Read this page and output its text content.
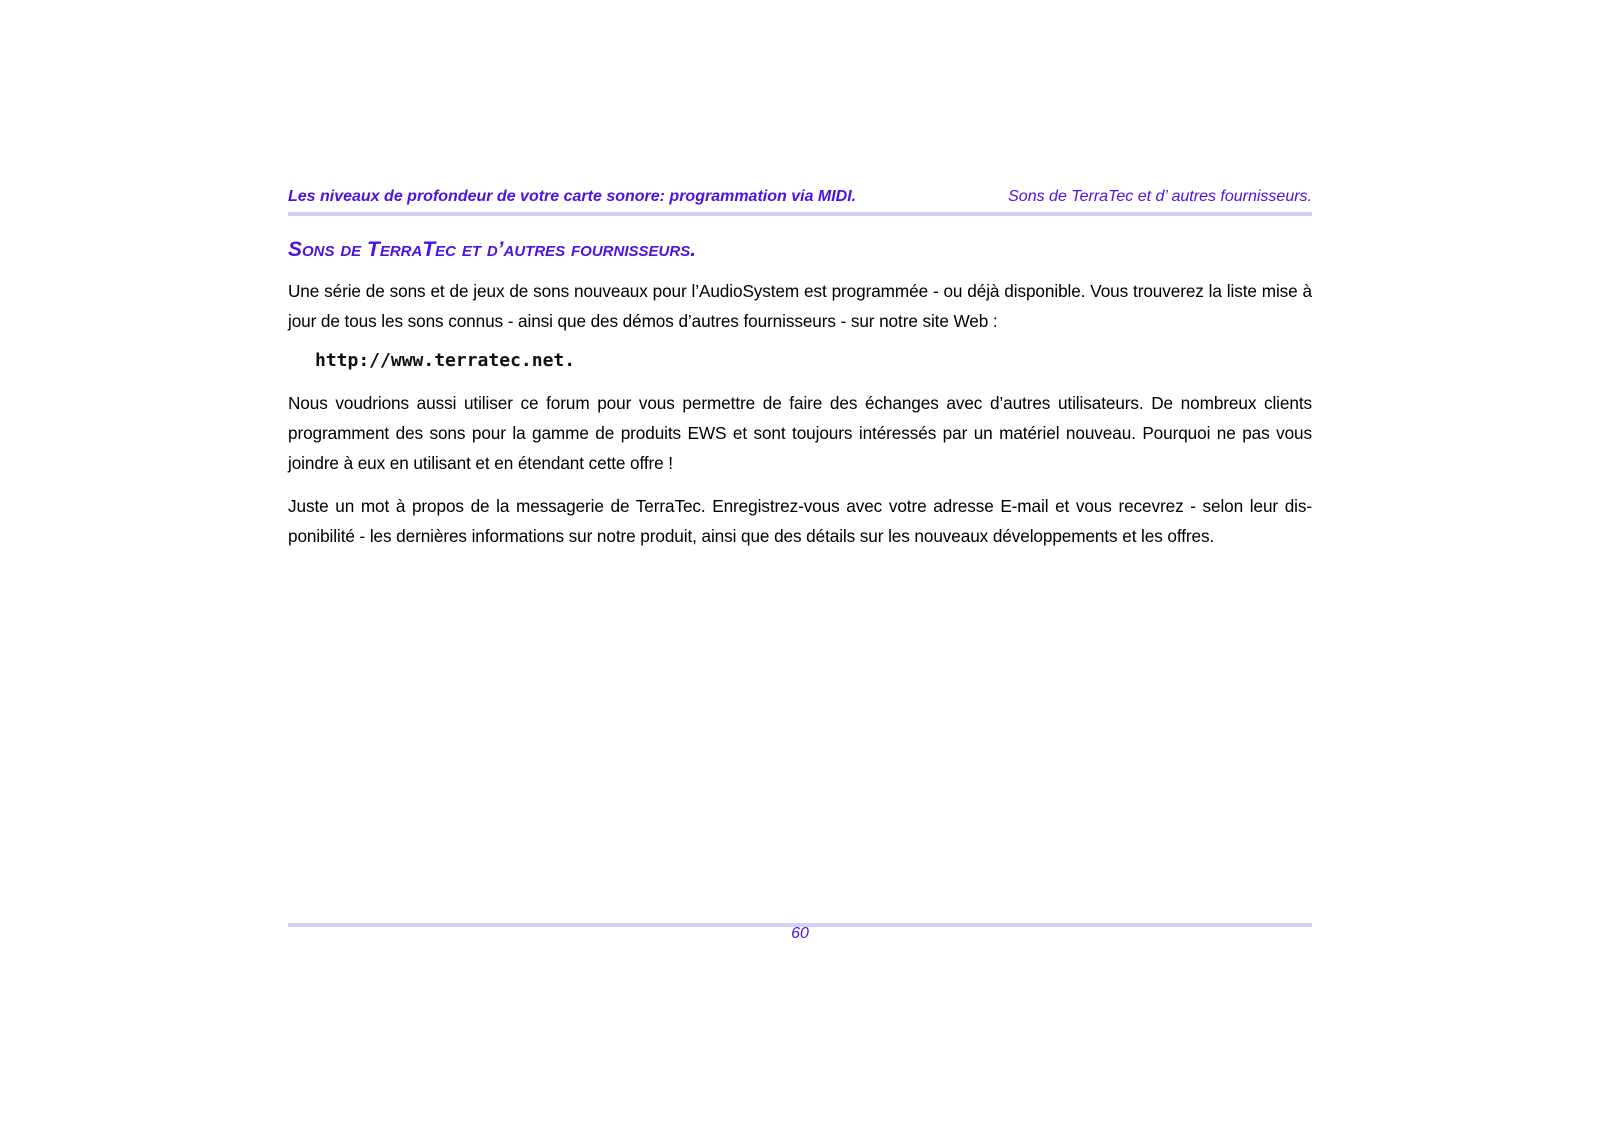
Les niveaux de profondeur de votre carte sonore: programmation via MIDI.	Sons de TerraTec et d’ autres fournisseurs.
Sons de TerraTec et d’autres fournisseurs.

Une série de sons et de jeux de sons nouveaux pour l’AudioSystem est programmée - ou déjà disponible. Vous trouverez la liste mise à jour de tous les sons connus - ainsi que des démos d’autres fournisseurs - sur notre site Web :

http://www.terratec.net.

Nous voudrions aussi utiliser ce forum pour vous permettre de faire des échanges avec d’autres utilisateurs. De nombreux clients programment des sons pour la gamme de produits EWS et sont toujours intéressés par un matériel nouveau. Pourquoi ne pas vous joindre à eux en utilisant et en étendant cette offre !

Juste un mot à propos de la messagerie de TerraTec. Enregistrez-vous avec votre adresse E-mail et vous recevrez - selon leur dis-ponibilité - les dernières informations sur notre produit, ainsi que des détails sur les nouveaux développements et les offres.

60
